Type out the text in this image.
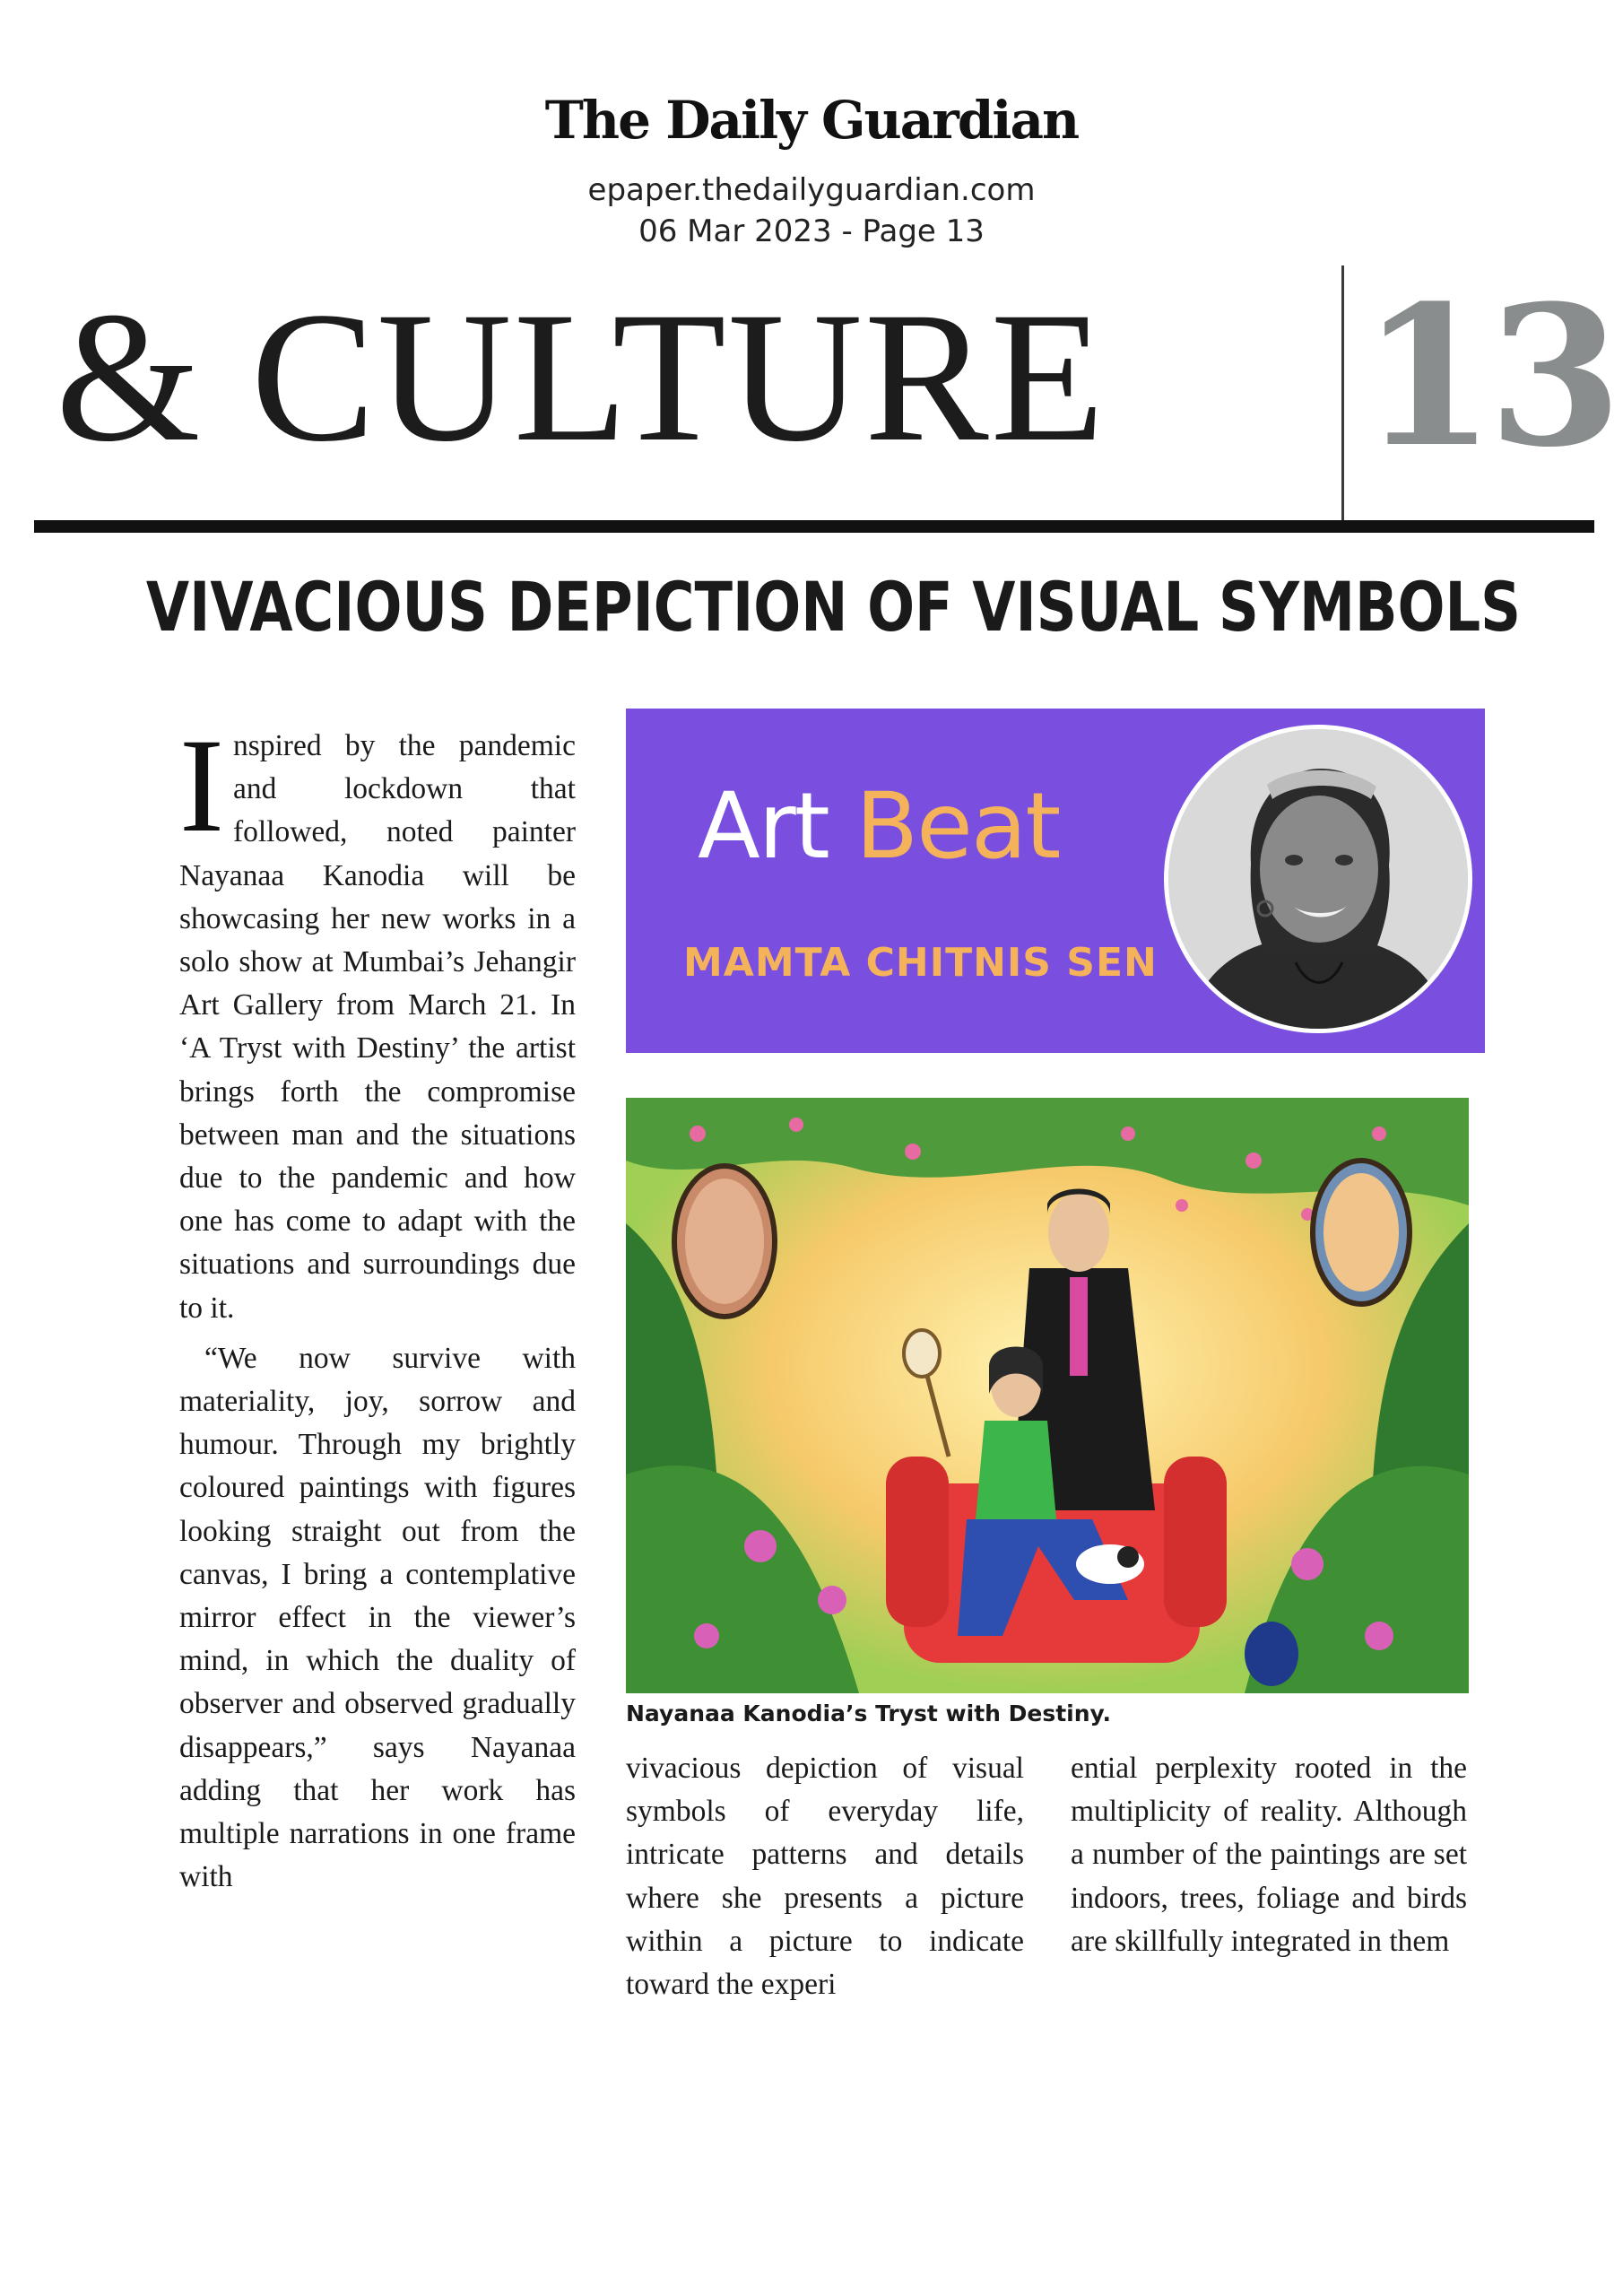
The Daily Guardian
epaper.thedailyguardian.com
06 Mar 2023 - Page 13
& CULTURE 13
VIVACIOUS DEPICTION OF VISUAL SYMBOLS

Inspired by the pandemic and lockdown that followed, noted painter Nayanaa Kanodia will be showcasing her new works in a solo show at Mumbai’s Jehangir Art Gallery from March 21. In ‘A Tryst with Destiny’ the artist brings forth the compromise between man and the situations due to the pandemic and how one has come to adapt with the situations and surroundings due to it.

“We now survive with materiality, joy, sorrow and humour. Through my brightly coloured paintings with figures looking straight out from the canvas, I bring a contemplative mirror effect in the viewer’s mind, in which the duality of observer and observed gradually disappears,” says Nayanaa adding that her work has multiple narrations in one frame with

Art Beat
MAMTA CHITNIS SEN
Nayanaa Kanodia’s Tryst with Destiny.
vivacious depiction of visual symbols of everyday life, intricate patterns and details where she presents a picture within a picture to indicate toward the experi
ential perplexity rooted in the multiplicity of reality. Although a number of the paintings are set indoors, trees, foliage and birds are skillfully integrated in them
